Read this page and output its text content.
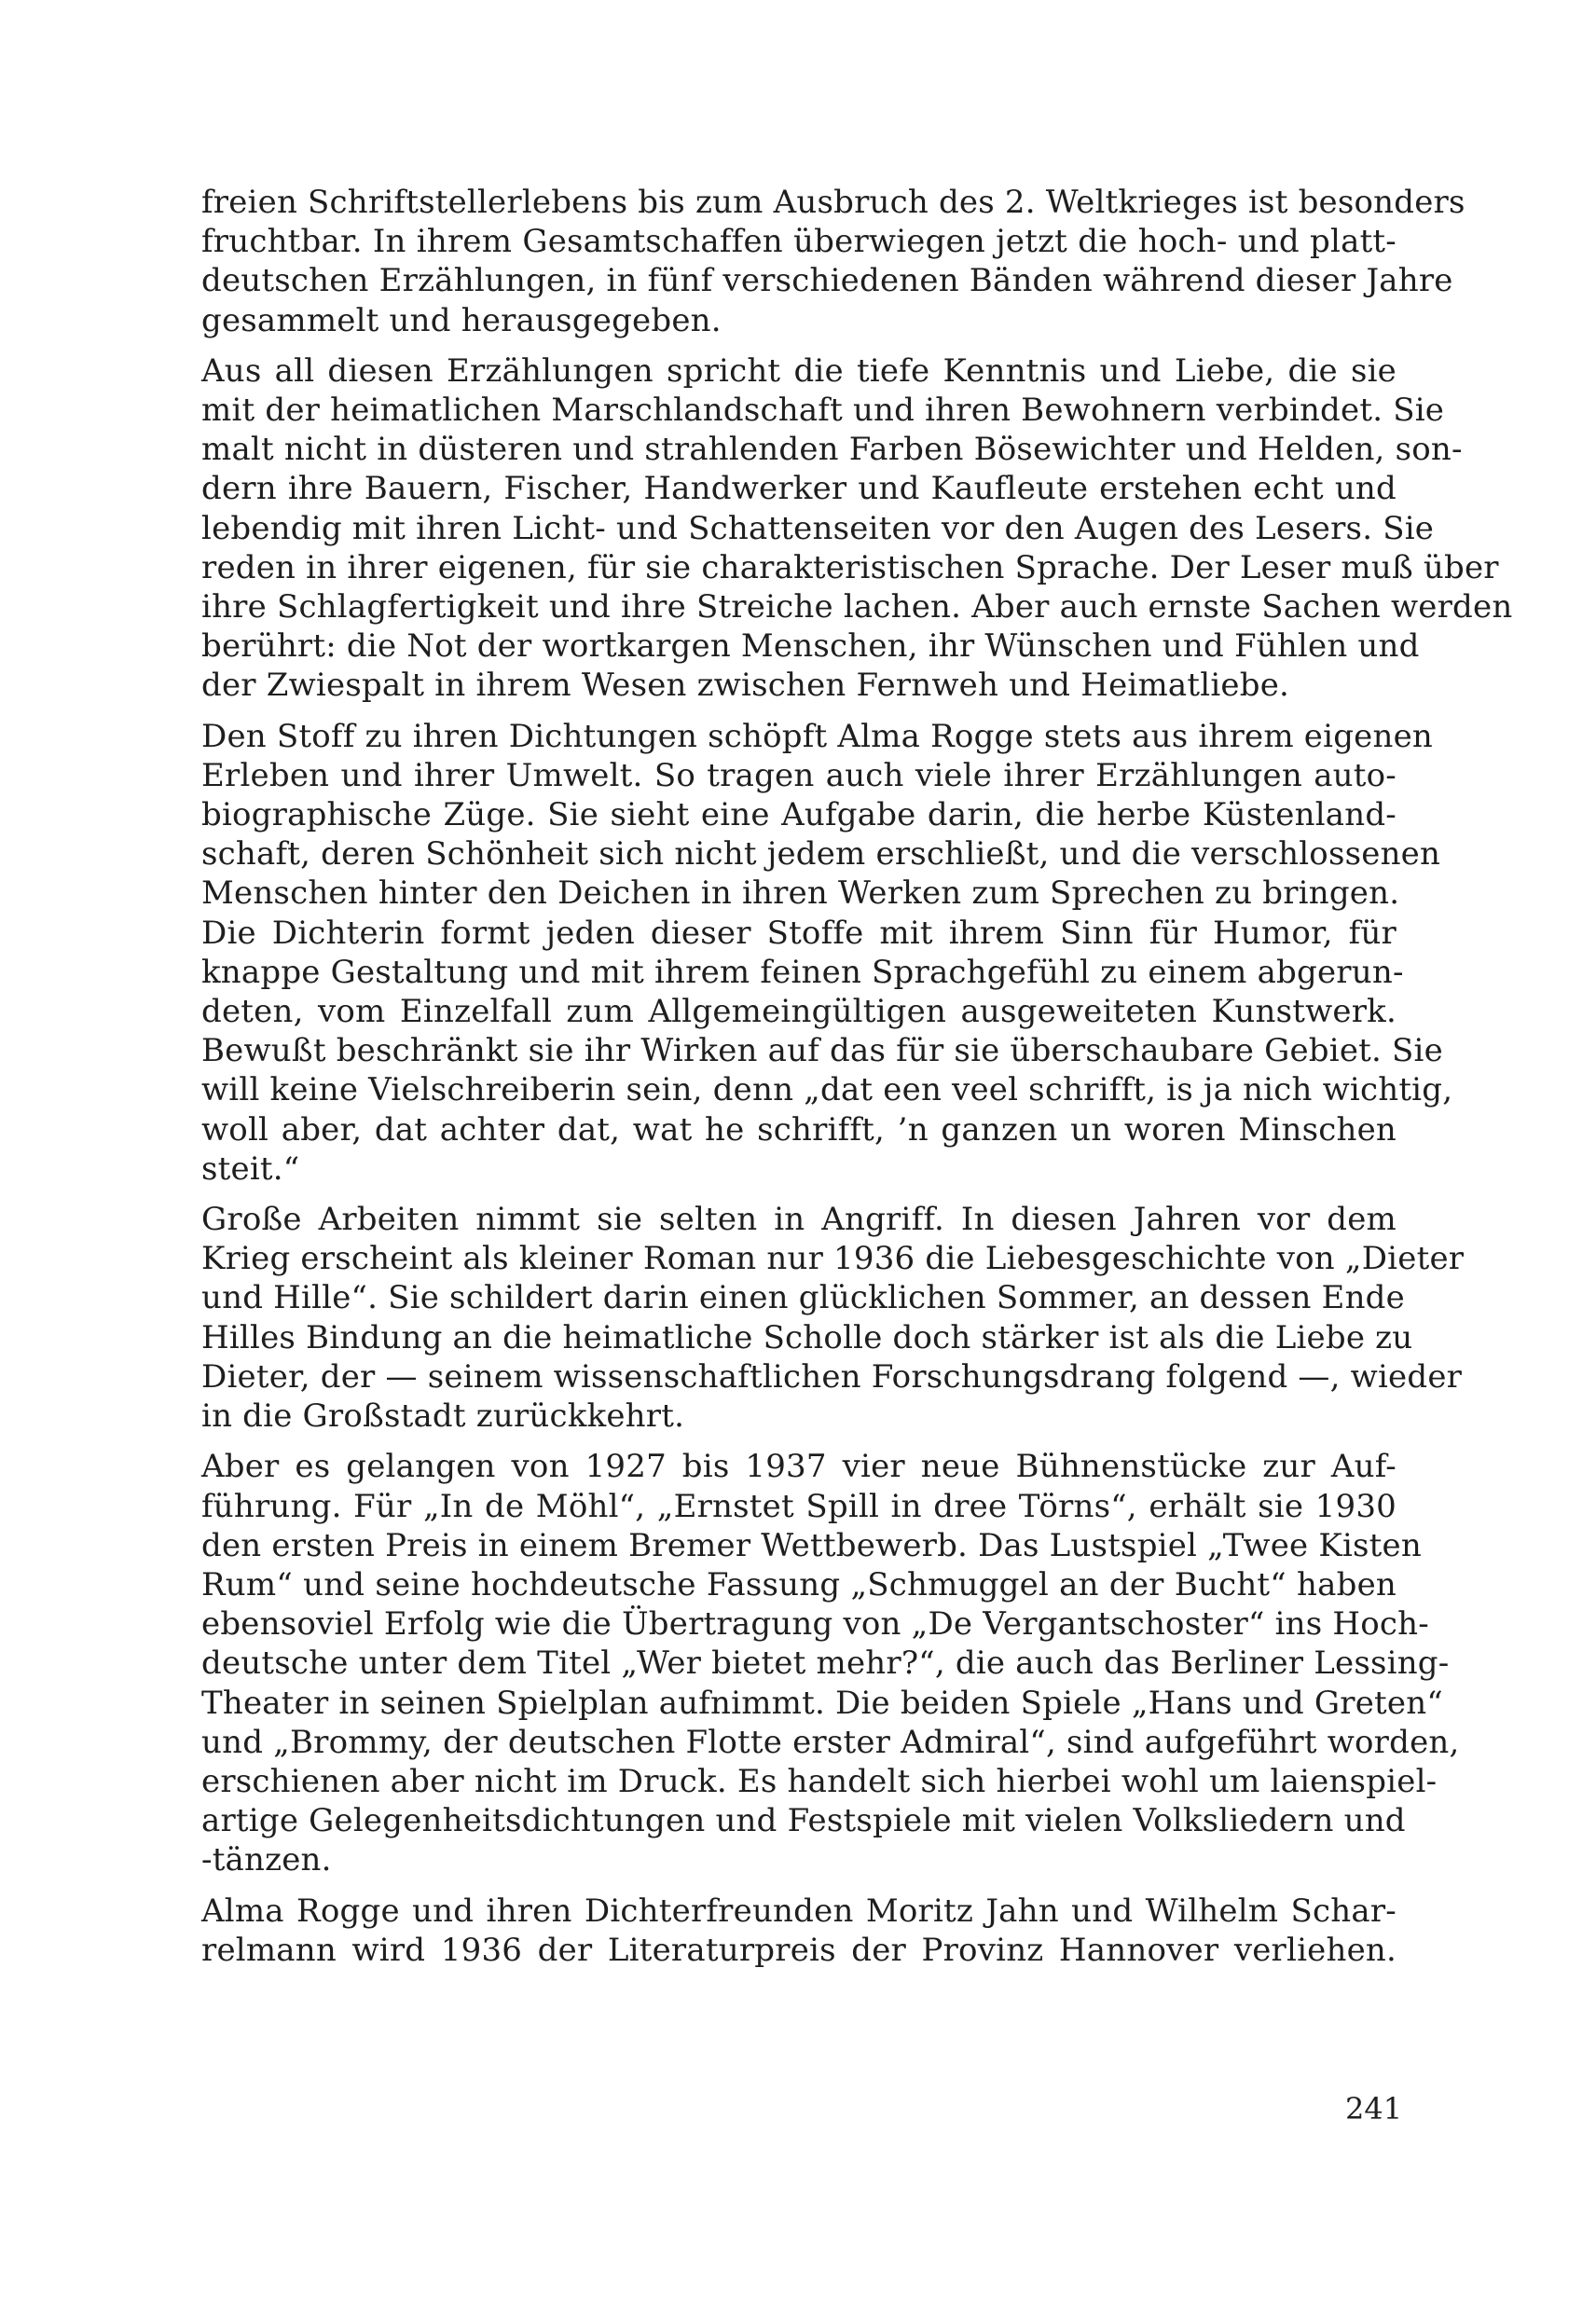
freien Schriftstellerlebens bis zum Ausbruch des 2. Weltkrieges ist besonders
fruchtbar. In ihrem Gesamtschaffen überwiegen jetzt die hoch- und platt-
deutschen Erzählungen, in fünf verschiedenen Bänden während dieser Jahre
gesammelt und herausgegeben.

Aus all diesen Erzählungen spricht die tiefe Kenntnis und Liebe, die sie
mit der heimatlichen Marschlandschaft und ihren Bewohnern verbindet. Sie
malt nicht in düsteren und strahlenden Farben Bösewichter und Helden, son-
dern ihre Bauern, Fischer, Handwerker und Kaufleute erstehen echt und
lebendig mit ihren Licht- und Schattenseiten vor den Augen des Lesers. Sie
reden in ihrer eigenen, für sie charakteristischen Sprache. Der Leser muß über
ihre Schlagfertigkeit und ihre Streiche lachen. Aber auch ernste Sachen werden
berührt: die Not der wortkargen Menschen, ihr Wünschen und Fühlen und
der Zwiespalt in ihrem Wesen zwischen Fernweh und Heimatliebe.

Den Stoff zu ihren Dichtungen schöpft Alma Rogge stets aus ihrem eigenen
Erleben und ihrer Umwelt. So tragen auch viele ihrer Erzählungen auto-
biographische Züge. Sie sieht eine Aufgabe darin, die herbe Küstenland-
schaft, deren Schönheit sich nicht jedem erschließt, und die verschlossenen
Menschen hinter den Deichen in ihren Werken zum Sprechen zu bringen.
Die Dichterin formt jeden dieser Stoffe mit ihrem Sinn für Humor, für
knappe Gestaltung und mit ihrem feinen Sprachgefühl zu einem abgerun-
deten, vom Einzelfall zum Allgemeingültigen ausgeweiteten Kunstwerk.
Bewußt beschränkt sie ihr Wirken auf das für sie überschaubare Gebiet. Sie
will keine Vielschreiberin sein, denn „dat een veel schrifft, is ja nich wichtig,
woll aber, dat achter dat, wat he schrifft, ’n ganzen un woren Minschen
steit.“

Große Arbeiten nimmt sie selten in Angriff. In diesen Jahren vor dem
Krieg erscheint als kleiner Roman nur 1936 die Liebesgeschichte von „Dieter
und Hille“. Sie schildert darin einen glücklichen Sommer, an dessen Ende
Hilles Bindung an die heimatliche Scholle doch stärker ist als die Liebe zu
Dieter, der — seinem wissenschaftlichen Forschungsdrang folgend —, wieder
in die Großstadt zurückkehrt.

Aber es gelangen von 1927 bis 1937 vier neue Bühnenstücke zur Auf-
führung. Für „In de Möhl“, „Ernstet Spill in dree Törns“, erhält sie 1930
den ersten Preis in einem Bremer Wettbewerb. Das Lustspiel „Twee Kisten
Rum“ und seine hochdeutsche Fassung „Schmuggel an der Bucht“ haben
ebensoviel Erfolg wie die Übertragung von „De Vergantschoster“ ins Hoch-
deutsche unter dem Titel „Wer bietet mehr?“, die auch das Berliner Lessing-
Theater in seinen Spielplan aufnimmt. Die beiden Spiele „Hans und Greten“
und „Brommy, der deutschen Flotte erster Admiral“, sind aufgeführt worden,
erschienen aber nicht im Druck. Es handelt sich hierbei wohl um laienspiel-
artige Gelegenheitsdichtungen und Festspiele mit vielen Volksliedern und
-tänzen.

Alma Rogge und ihren Dichterfreunden Moritz Jahn und Wilhelm Schar-
relmann wird 1936 der Literaturpreis der Provinz Hannover verliehen.

241
